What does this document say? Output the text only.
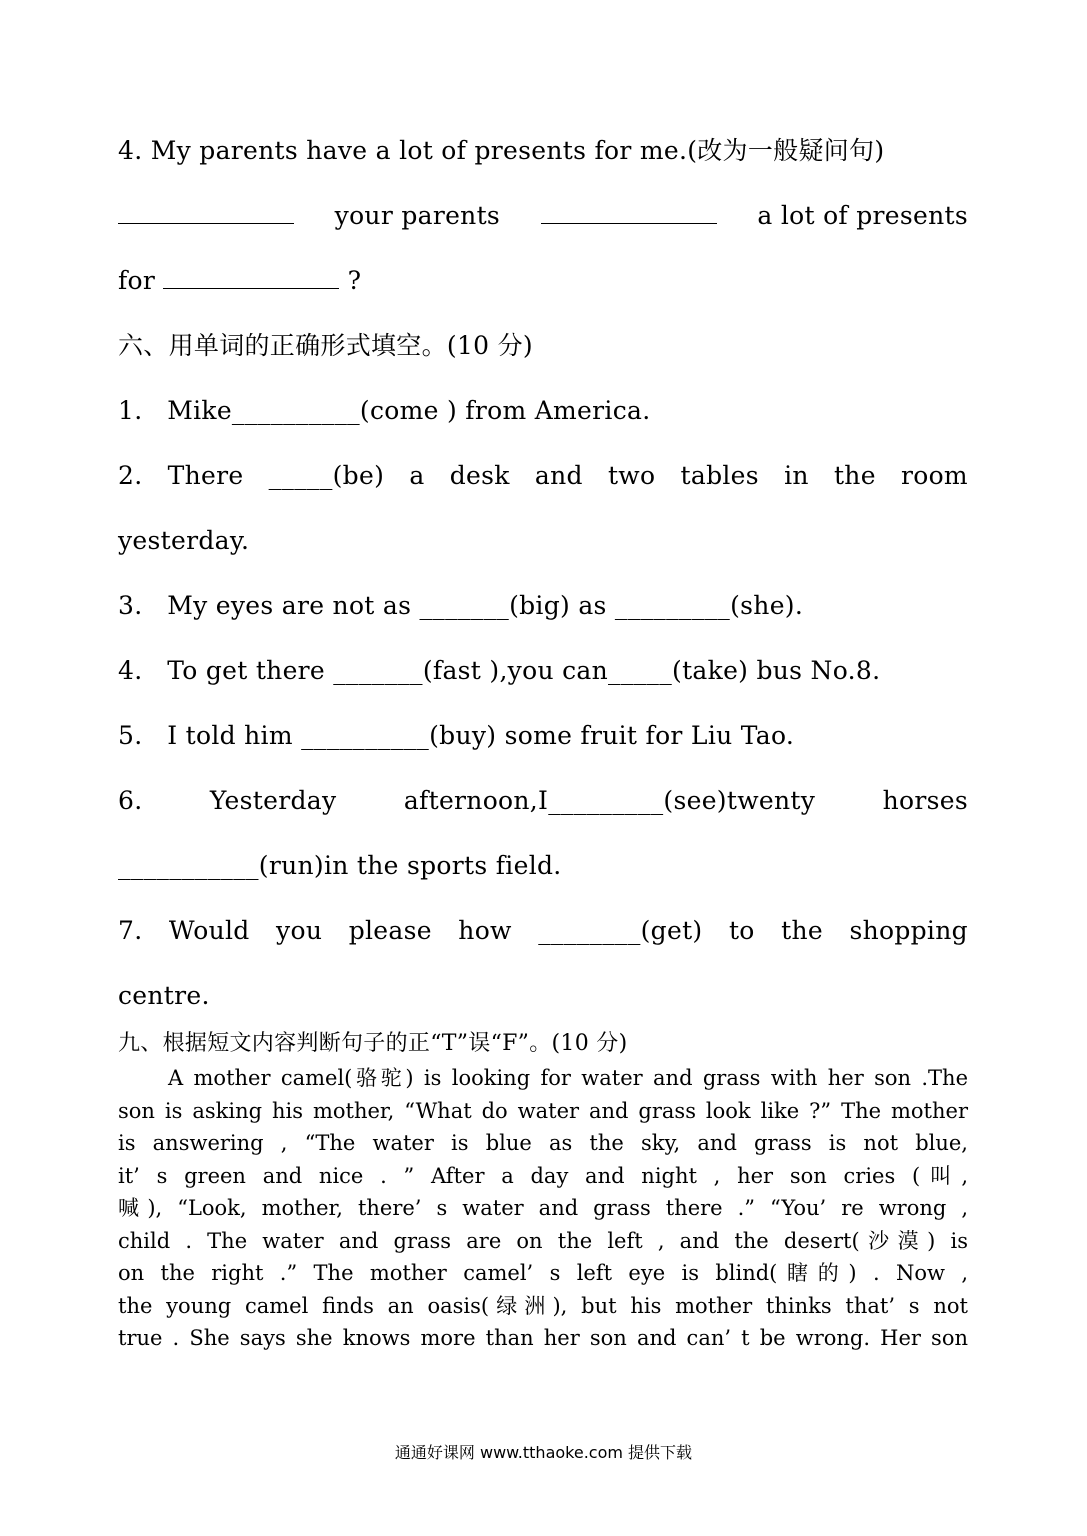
4. My parents have a lot of presents for me.(改为一般疑问句)
your parents	a lot of presents
for	?
六、用单词的正确形式填空。(10 分)
1.   Mike__________(come ) from America.
2. There _____(be) a desk and two tables in the room
yesterday.
3.   My eyes are not as _______(big) as _________(she).
4.   To get there _______(fast ),you can_____(take) bus No.8.
5.   I told him __________(buy) some fruit for Liu Tao.
6.	Yesterday	afternoon,I_________(see)twenty	horses
___________(run)in the sports field.
7. Would you please how ________(get) to the shopping
centre.
九、根据短文内容判断句子的正“T”误“F”。(10 分)
A mother camel(骆驼) is looking for water and grass with her son .The
son is asking his mother, “What do water and grass look like ?” The mother
is answering , “The water is blue as the sky, and grass is not blue,
it’ s green and nice . ” After a day and night , her son cries (叫,
喊), “Look, mother, there’ s water and grass there .” “You’ re wrong ,
child . The water and grass are on the left , and the desert(沙漠) is
on the right .” The mother camel’ s left eye is blind(瞎的) . Now ,
the young camel finds an oasis(绿洲), but his mother thinks that’ s not
true . She says she knows more than her son and can’ t be wrong. Her son
通通好课网 www.tthaoke.com 提供下载
